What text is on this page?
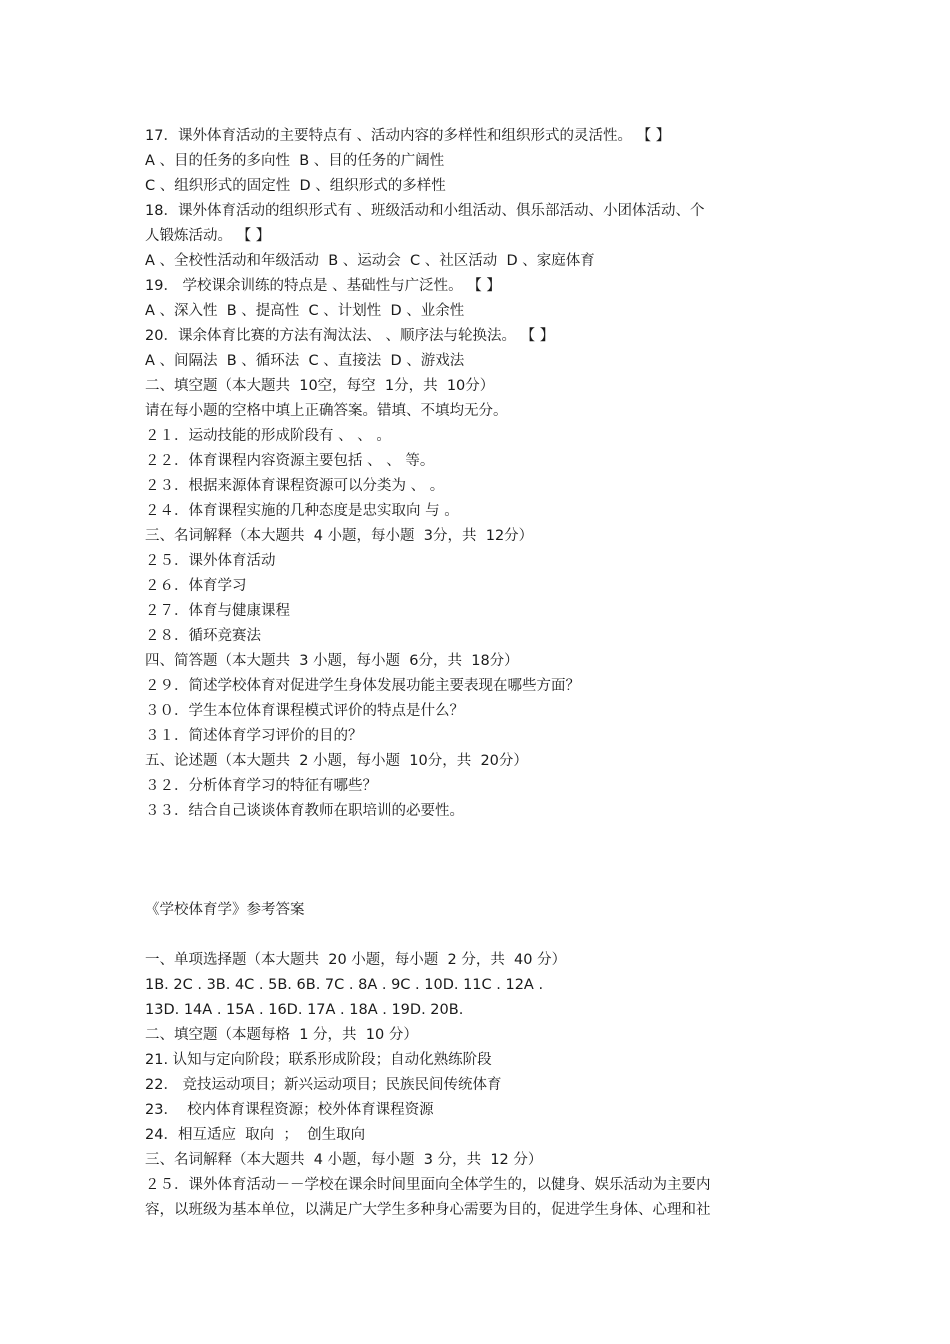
17．课外体育活动的主要特点有 、活动内容的多样性和组织形式的灵活性。 【 】
A 、目的任务的多向性  B 、目的任务的广阔性
C 、组织形式的固定性  D 、组织形式的多样性
18．课外体育活动的组织形式有 、班级活动和小组活动、俱乐部活动、小团体活动、个
人锻炼活动。 【 】
A 、全校性活动和年级活动  B 、运动会  C 、社区活动  D 、家庭体育
19． 学校课余训练的特点是 、基础性与广泛性。 【 】
A 、深入性  B 、提高性  C 、计划性  D 、业余性
20．课余体育比赛的方法有淘汰法、 、顺序法与轮换法。 【 】
A 、间隔法  B 、循环法  C 、直接法  D 、游戏法
二、填空题（本大题共  10空，每空  1分，共  10分）
请在每小题的空格中填上正确答案。错填、不填均无分。
２１．运动技能的形成阶段有 、 、 。
２２．体育课程内容资源主要包括 、 、 等。
２３．根据来源体育课程资源可以分类为 、 。
２４．体育课程实施的几种态度是忠实取向 与 。
三、名词解释（本大题共  4 小题，每小题  3分，共  12分）
２５．课外体育活动
２６．体育学习
２７．体育与健康课程
２８．循环竞赛法
四、简答题（本大题共  3 小题，每小题  6分，共  18分）
２９．简述学校体育对促进学生身体发展功能主要表现在哪些方面？
３０．学生本位体育课程模式评价的特点是什么？
３１．简述体育学习评价的目的？
五、论述题（本大题共  2 小题，每小题  10分，共  20分）
３２．分析体育学习的特征有哪些？
３３．结合自己谈谈体育教师在职培训的必要性。
《学校体育学》参考答案
一、单项选择题（本大题共  20 小题，每小题  2 分，共  40 分）
1B. 2C . 3B. 4C . 5B. 6B. 7C . 8A . 9C . 10D. 11C . 12A .
13D. 14A . 15A . 16D. 17A . 18A . 19D. 20B.
二、填空题（本题每格  1 分，共  10 分）
21. 认知与定向阶段；联系形成阶段；自动化熟练阶段
22． 竞技运动项目；新兴运动项目；民族民间传统体育
23．  校内体育课程资源；校外体育课程资源
24．相互适应  取向  ；  创生取向
三、名词解释（本大题共  4 小题，每小题  3 分，共  12 分）
２５．课外体育活动－－学校在课余时间里面向全体学生的，以健身、娱乐活动为主要内
容，以班级为基本单位，以满足广大学生多种身心需要为目的，促进学生身体、心理和社
